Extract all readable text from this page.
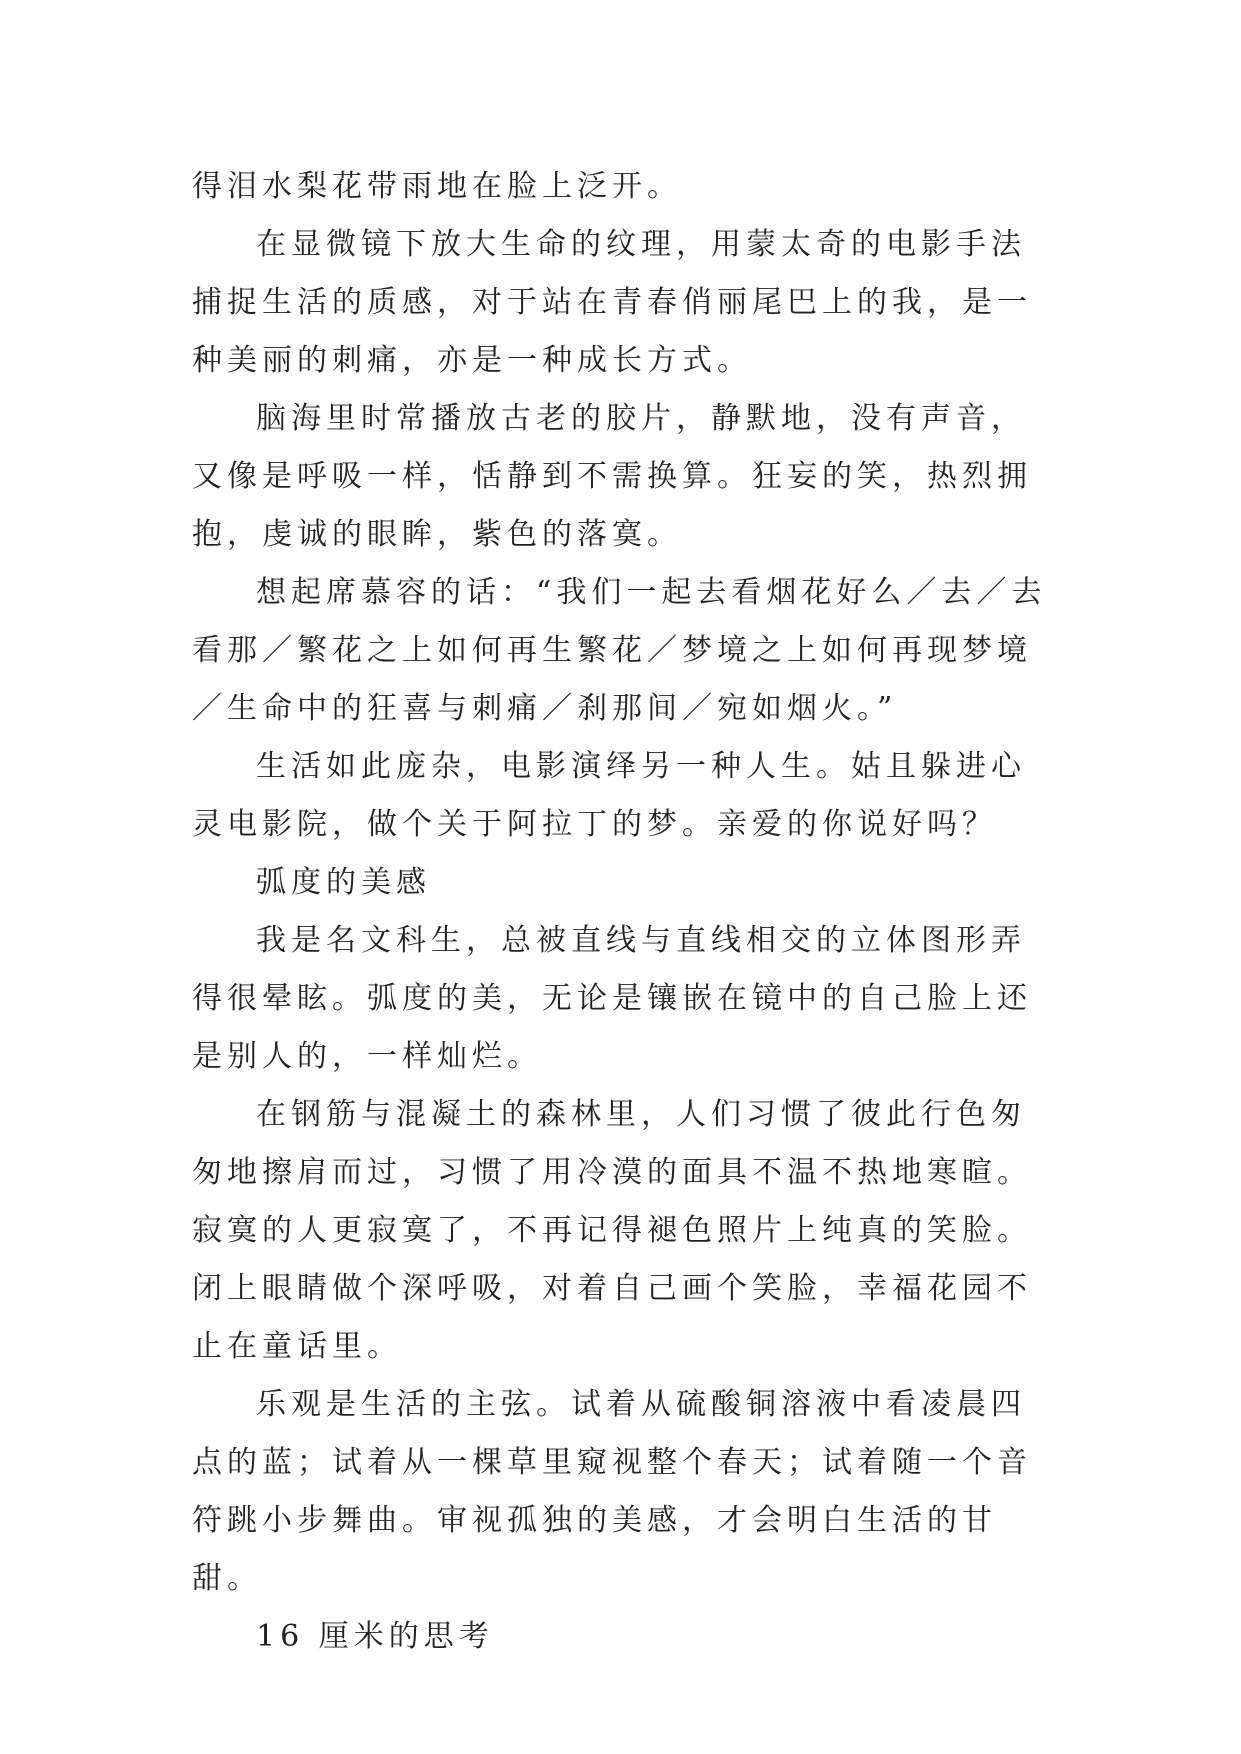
得泪水梨花带雨地在脸上泛开。

在显微镜下放大生命的纹理，用蒙太奇的电影手法捕捉生活的质感，对于站在青春俏丽尾巴上的我，是一种美丽的刺痛，亦是一种成长方式。

脑海里时常播放古老的胶片，静默地，没有声音，又像是呼吸一样，恬静到不需换算。狂妄的笑，热烈拥抱，虔诚的眼眸，紫色的落寞。

想起席慕容的话：“我们一起去看烟花好么／去／去看那／繁花之上如何再生繁花／梦境之上如何再现梦境／生命中的狂喜与刺痛／刹那间／宛如烟火。”

生活如此庞杂，电影演绎另一种人生。姑且躲进心灵电影院，做个关于阿拉丁的梦。亲爱的你说好吗？

弧度的美感

我是名文科生，总被直线与直线相交的立体图形弄得很晕眩。弧度的美，无论是镶嵌在镜中的自己脸上还是别人的，一样灿烂。

在钢筋与混凝土的森林里，人们习惯了彼此行色匆匆地擦肩而过，习惯了用冷漠的面具不温不热地寒暄。寂寞的人更寂寞了，不再记得褪色照片上纯真的笑脸。闭上眼睛做个深呼吸，对着自己画个笑脸，幸福花园不止在童话里。

乐观是生活的主弦。试着从硫酸铜溶液中看凌晨四点的蓝；试着从一棵草里窥视整个春天；试着随一个音符跳小步舞曲。审视孤独的美感，才会明白生活的甘甜。

16 厘米的思考
